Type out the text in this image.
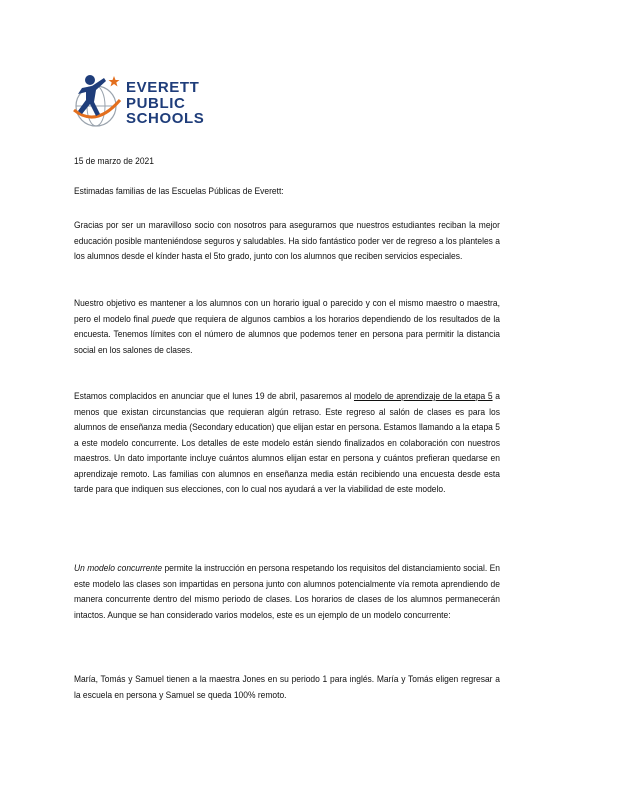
EVERETT
PUBLIC
SCHOOLS
15 de marzo de 2021
Estimadas familias de las Escuelas Públicas de Everett:
Gracias por ser un maravilloso socio con nosotros para asegurarnos que nuestros estudiantes reciban la mejor educación posible manteniéndose seguros y saludables. Ha sido fantástico poder ver de regreso a los planteles a los alumnos desde el kínder hasta el 5to grado, junto con los alumnos que reciben servicios especiales.
Nuestro objetivo es mantener a los alumnos con un horario igual o parecido y con el mismo maestro o maestra, pero el modelo final puede que requiera de algunos cambios a los horarios dependiendo de los resultados de la encuesta. Tenemos límites con el número de alumnos que podemos tener en persona para permitir la distancia social en los salones de clases.
Estamos complacidos en anunciar que el lunes 19 de abril, pasaremos al modelo de aprendizaje de la etapa 5 a menos que existan circunstancias que requieran algún retraso. Este regreso al salón de clases es para los alumnos de enseñanza media (Secondary education) que elijan estar en persona. Estamos llamando a la etapa 5 a este modelo concurrente. Los detalles de este modelo están siendo finalizados en colaboración con nuestros maestros. Un dato importante incluye cuántos alumnos elijan estar en persona y cuántos prefieran quedarse en aprendizaje remoto. Las familias con alumnos en enseñanza media están recibiendo una encuesta desde esta tarde para que indiquen sus elecciones, con lo cual nos ayudará a ver la viabilidad de este modelo.
Un modelo concurrente permite la instrucción en persona respetando los requisitos del distanciamiento social. En este modelo las clases son impartidas en persona junto con alumnos potencialmente vía remota aprendiendo de manera concurrente dentro del mismo periodo de clases. Los horarios de clases de los alumnos permanecerán intactos. Aunque se han considerado varios modelos, este es un ejemplo de un modelo concurrente:
María, Tomás y Samuel tienen a la maestra Jones en su periodo 1 para inglés. María y Tomás eligen regresar a la escuela en persona y Samuel se queda 100% remoto.
